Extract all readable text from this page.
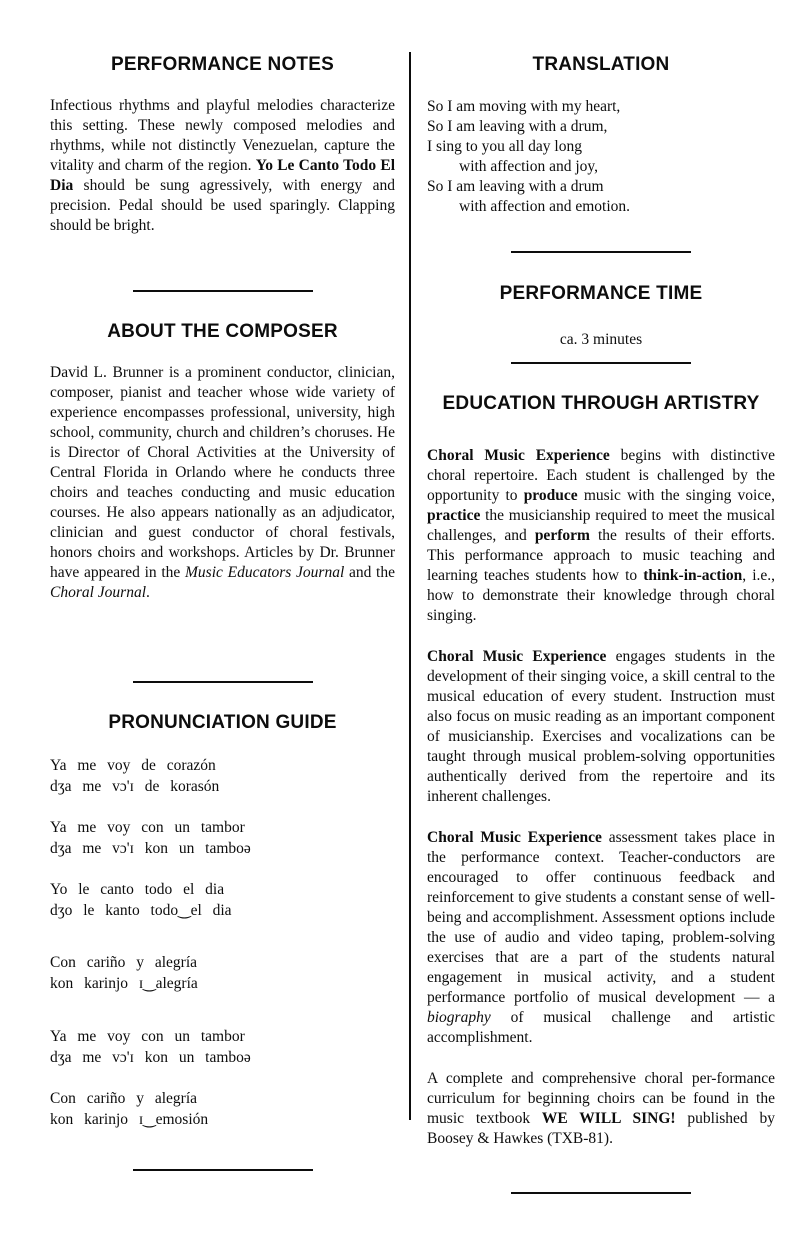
PERFORMANCE NOTES

Infectious rhythms and playful melodies characterize this setting. These newly composed melodies and rhythms, while not distinctly Venezuelan, capture the vitality and charm of the region. Yo Le Canto Todo El Dia should be sung agressively, with energy and precision. Pedal should be used sparingly. Clapping should be bright.

ABOUT THE COMPOSER

David L. Brunner is a prominent conductor, clinician, composer, pianist and teacher whose wide variety of experience encompasses professional, university, high school, community, church and children’s choruses. He is Director of Choral Activities at the University of Central Florida in Orlando where he conducts three choirs and teaches conducting and music education courses. He also appears nationally as an adjudicator, clinician and guest conductor of choral festivals, honors choirs and workshops. Articles by Dr. Brunner have appeared in the Music Educators Journal and the Choral Journal.

PRONUNCIATION GUIDE
Ya me voy de corazón
dʒa me vɔ'ɪ de korasón
Ya me voy con un tambor
dʒa me vɔ'ɪ kon un tamboə
Yo le canto todo el dia
dʒo le kanto todo‿el dia
Con cariño y alegría
kon karinjo ɪ‿alegría
Ya me voy con un tambor
dʒa me vɔ'ɪ kon un tamboə
Con cariño y alegría
kon karinjo ɪ‿emosión
TRANSLATION
So I am moving with my heart,
So I am leaving with a drum,
I sing to you all day long
with affection and joy,
So I am leaving with a drum
with affection and emotion.
PERFORMANCE TIME
ca. 3 minutes
EDUCATION THROUGH ARTISTRY

Choral Music Experience begins with distinctive choral repertoire. Each student is challenged by the opportunity to produce music with the singing voice, practice the musicianship required to meet the musical challenges, and perform the results of their efforts. This performance approach to music teaching and learning teaches students how to think-in-action, i.e., how to demonstrate their knowledge through choral singing.

Choral Music Experience engages students in the development of their singing voice, a skill central to the musical education of every student. Instruction must also focus on music reading as an important component of musicianship. Exercises and vocalizations can be taught through musical problem-solving opportunities authentically derived from the repertoire and its inherent challenges.

Choral Music Experience assessment takes place in the performance context. Teacher-conductors are encouraged to offer continuous feedback and reinforcement to give students a constant sense of well-being and accomplishment. Assessment options include the use of audio and video taping, problem-solving exercises that are a part of the students natural engagement in musical activity, and a student performance portfolio of musical development — a biography of musical challenge and artistic accomplishment.

A complete and comprehensive choral per-formance curriculum for beginning choirs can be found in the music textbook WE WILL SING! published by Boosey & Hawkes (TXB-81).
